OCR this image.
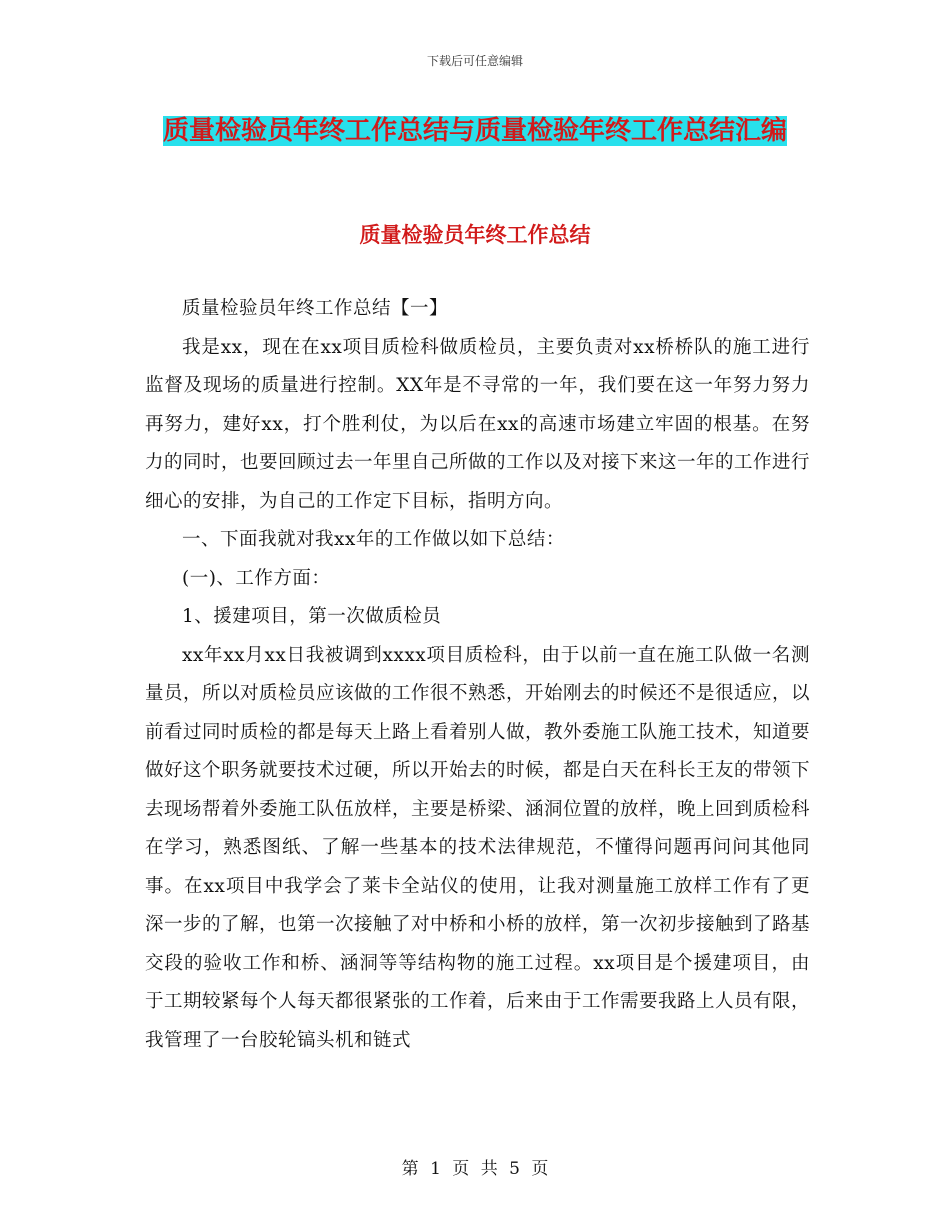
下载后可任意编辑
质量检验员年终工作总结与质量检验年终工作总结汇编
质量检验员年终工作总结

质量检验员年终工作总结【一】

我是xx，现在在xx项目质检科做质检员，主要负责对xx桥桥队的施工进行监督及现场的质量进行控制。XX年是不寻常的一年，我们要在这一年努力努力再努力，建好xx，打个胜利仗，为以后在xx的高速市场建立牢固的根基。在努力的同时，也要回顾过去一年里自己所做的工作以及对接下来这一年的工作进行细心的安排，为自己的工作定下目标，指明方向。

一、下面我就对我xx年的工作做以如下总结：

(一)、工作方面：

1、援建项目，第一次做质检员

xx年xx月xx日我被调到xxxx项目质检科，由于以前一直在施工队做一名测量员，所以对质检员应该做的工作很不熟悉，开始刚去的时候还不是很适应，以前看过同时质检的都是每天上路上看着别人做，教外委施工队施工技术，知道要做好这个职务就要技术过硬，所以开始去的时候，都是白天在科长王友的带领下去现场帮着外委施工队伍放样，主要是桥梁、涵洞位置的放样，晚上回到质检科在学习，熟悉图纸、了解一些基本的技术法律规范，不懂得问题再问问其他同事。在xx项目中我学会了莱卡全站仪的使用，让我对测量施工放样工作有了更深一步的了解，也第一次接触了对中桥和小桥的放样，第一次初步接触到了路基交段的验收工作和桥、涵洞等等结构物的施工过程。xx项目是个援建项目，由于工期较紧每个人每天都很紧张的工作着，后来由于工作需要我路上人员有限，我管理了一台胶轮镐头机和链式

第 1 页 共 5 页
